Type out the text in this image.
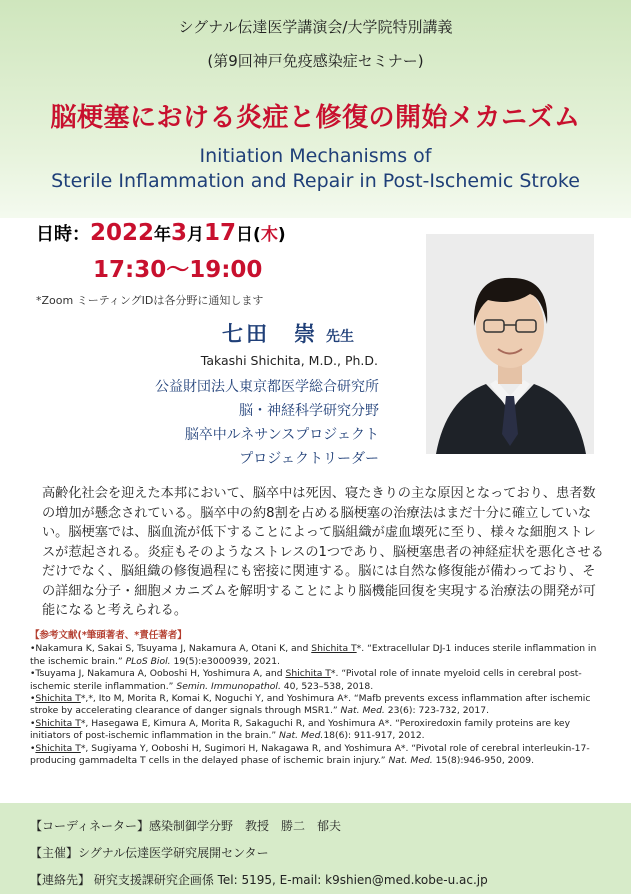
シグナル伝達医学講演会/大学院特別講義
(第9回神戸免疫感染症セミナー)
脳梗塞における炎症と修復の開始メカニズム
Initiation Mechanisms of
Sterile Inflammation and Repair in Post-Ischemic Stroke
日時：2022年3月17日(木)
17:30～19:00
*Zoom ミーティングIDは各分野に通知します
七田　崇 先生
Takashi Shichita, M.D., Ph.D.
公益財団法人東京都医学総合研究所
脳・神経科学研究分野
脳卒中ルネサンスプロジェクト
プロジェクトリーダー
高齢化社会を迎えた本邦において、脳卒中は死因、寝たきりの主な原因となっており、患者数の増加が懸念されている。脳卒中の約8割を占める脳梗塞の治療法はまだ十分に確立していない。脳梗塞では、脳血流が低下することによって脳組織が虚血壊死に至り、様々な細胞ストレスが惹起される。炎症もそのようなストレスの1つであり、脳梗塞患者の神経症状を悪化させるだけでなく、脳組織の修復過程にも密接に関連する。脳には自然な修復能が備わっており、その詳細な分子・細胞メカニズムを解明することにより脳機能回復を実現する治療法の開発が可能になると考えられる。
【参考文献(*筆頭著者、*責任著者】

•Nakamura K, Sakai S, Tsuyama J, Nakamura A, Otani K, and Shichita T*. “Extracellular DJ-1 induces sterile inflammation in the ischemic brain.” PLoS Biol. 19(5):e3000939, 2021.

•Tsuyama J, Nakamura A, Ooboshi H, Yoshimura A, and Shichita T*. “Pivotal role of innate myeloid cells in cerebral post-ischemic sterile inflammation.” Semin. Immunopathol. 40, 523–538, 2018.

•Shichita T*,*, Ito M, Morita R, Komai K, Noguchi Y, and Yoshimura A*. “Mafb prevents excess inflammation after ischemic stroke by accelerating clearance of danger signals through MSR1.” Nat. Med. 23(6): 723-732, 2017.

•Shichita T*, Hasegawa E, Kimura A, Morita R, Sakaguchi R, and Yoshimura A*. “Peroxiredoxin family proteins are key initiators of post-ischemic inflammation in the brain.” Nat. Med.18(6): 911-917, 2012.

•Shichita T*, Sugiyama Y, Ooboshi H, Sugimori H, Nakagawa R, and Yoshimura A*. “Pivotal role of cerebral interleukin-17-producing gammadelta T cells in the delayed phase of ischemic brain injury.” Nat. Med. 15(8):946-950, 2009.

【コーディネーター】感染制御学分野　教授　勝二　郁夫
【主催】シグナル伝達医学研究展開センター
【連絡先】 研究支援課研究企画係 Tel: 5195, E-mail: k9shien@med.kobe-u.ac.jp
